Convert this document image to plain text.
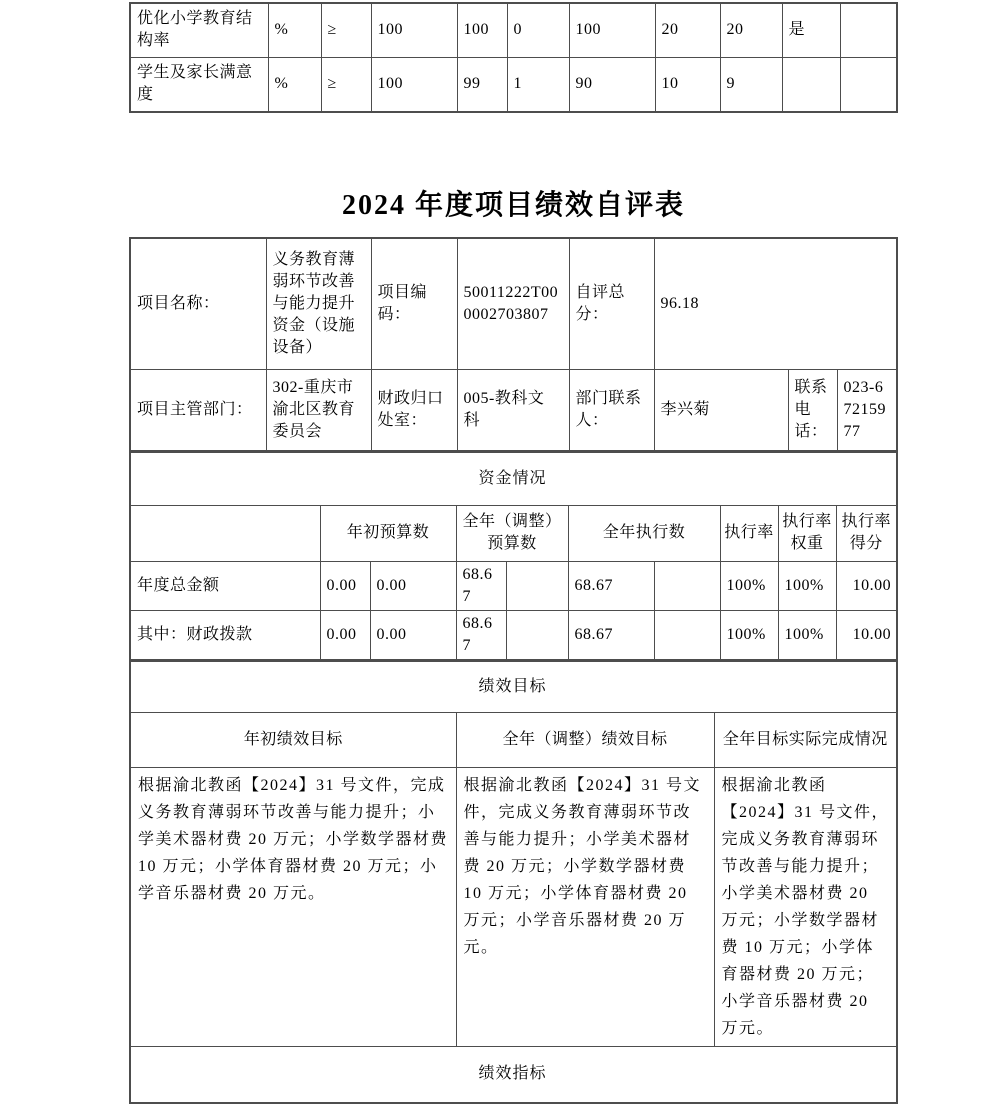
优化小学教育结构率	%	≥	100	100	0	100	20	20	是	
学生及家长满意度	%	≥	100	99	1	90	10	9		
2024 年度项目绩效自评表
项目名称：	义务教育薄弱环节改善与能力提升资金（设施设备）	项目编码：	50011222T000002703807	自评总分：	96.18		
项目主管部门：	302-重庆市渝北区教育委员会	财政归口处室：	005-教科文科	部门联系人：	李兴菊	联系电话：	023-67215977
资金情况									
	年初预算数		全年（调整）预算数		全年执行数		执行率	执行率权重	执行率得分
年度总金额	0.00	0.00	68.67		68.67		100%	100%	10.00
其中：财政拨款	0.00	0.00	68.67		68.67		100%	100%	10.00
绩效目标		
年初绩效目标	全年（调整）绩效目标	全年目标实际完成情况
根据渝北教函【2024】31 号文件，完成义务教育薄弱环节改善与能力提升；小学美术器材费 20 万元；小学数学器材费 10 万元；小学体育器材费 20 万元；小学音乐器材费 20 万元。	根据渝北教函【2024】31 号文件，完成义务教育薄弱环节改善与能力提升；小学美术器材费 20 万元；小学数学器材费 10 万元；小学体育器材费 20 万元；小学音乐器材费 20 万元。	根据渝北教函【2024】31 号文件，完成义务教育薄弱环节改善与能力提升；小学美术器材费 20 万元；小学数学器材费 10 万元；小学体育器材费 20 万元；小学音乐器材费 20 万元。
绩效指标		
